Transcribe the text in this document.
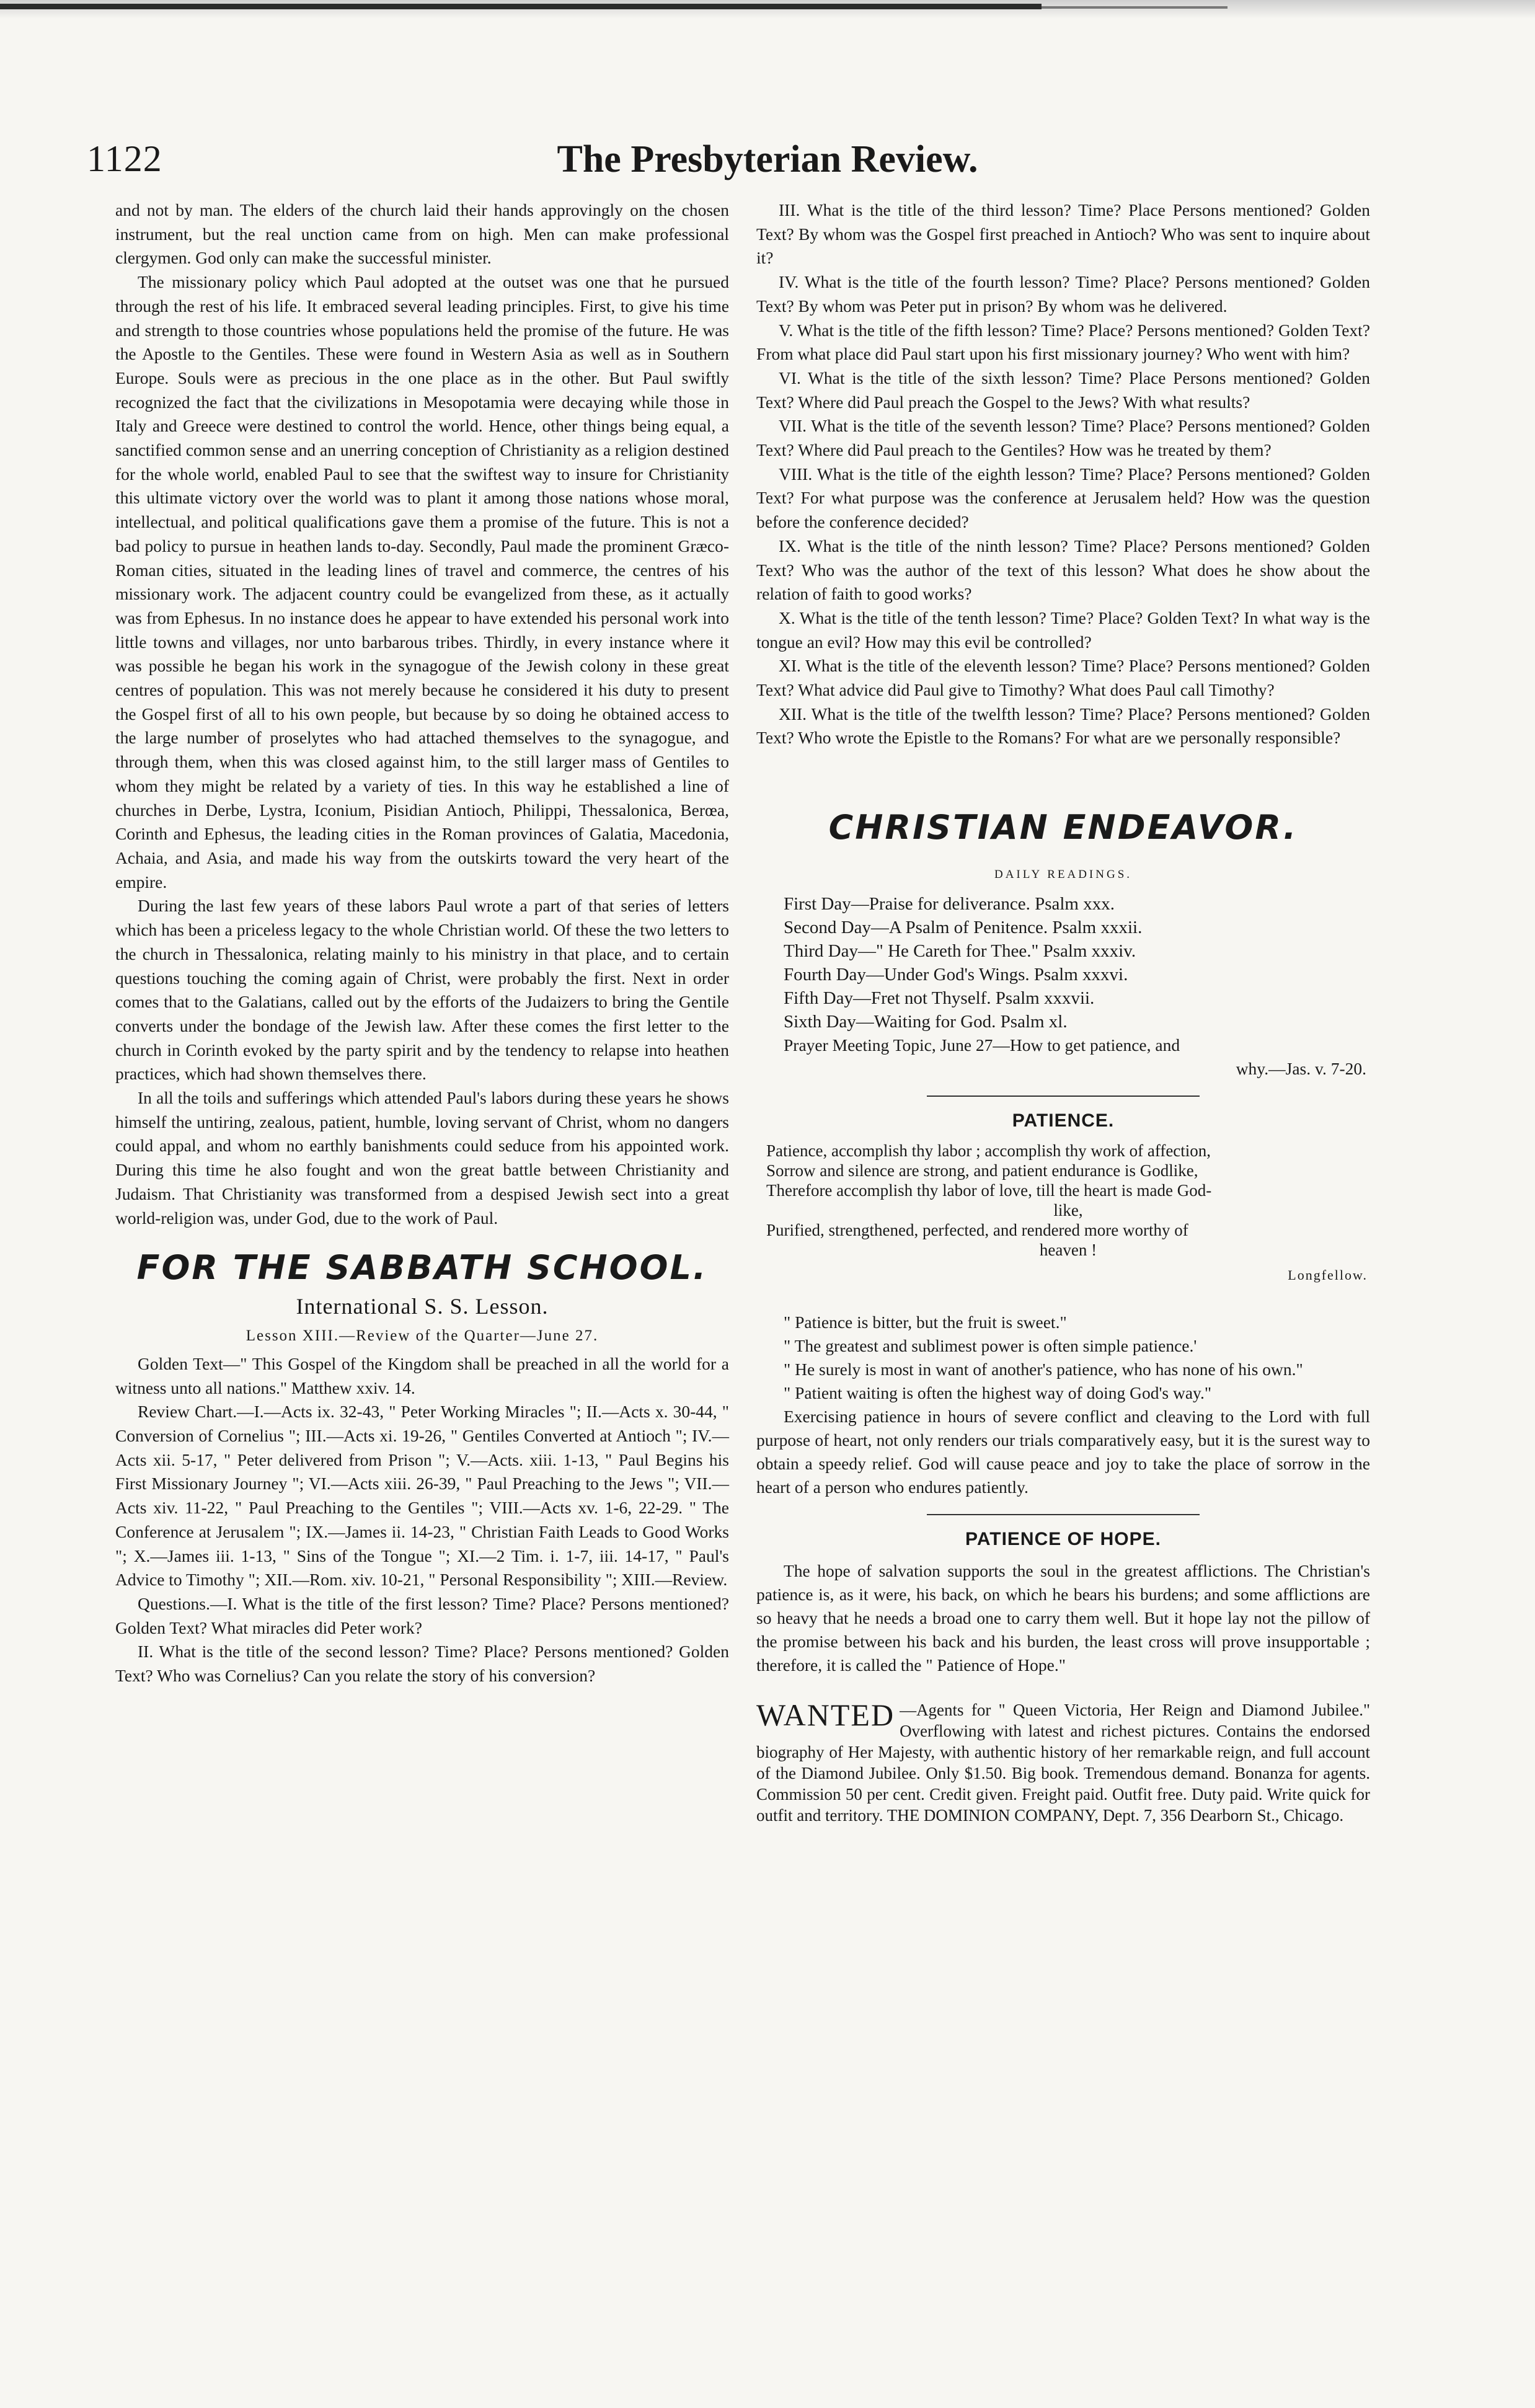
1122	The Presbyterian Review.

and not by man. The elders of the church laid their hands approvingly on the chosen instrument, but the real unction came from on high. Men can make professional clergymen. God only can make the successful minister.

The missionary policy which Paul adopted at the outset was one that he pursued through the rest of his life. It embraced several leading principles. First, to give his time and strength to those countries whose populations held the promise of the future. He was the Apostle to the Gentiles. These were found in Western Asia as well as in Southern Europe. Souls were as precious in the one place as in the other. But Paul swiftly recognized the fact that the civilizations in Mesopotamia were decaying while those in Italy and Greece were destined to control the world. Hence, other things being equal, a sanctified common sense and an unerring conception of Christianity as a religion destined for the whole world, enabled Paul to see that the swiftest way to insure for Christianity this ultimate victory over the world was to plant it among those nations whose moral, intellectual, and political qualifications gave them a promise of the future. This is not a bad policy to pursue in heathen lands to-day. Secondly, Paul made the prominent Græco-Roman cities, situated in the leading lines of travel and commerce, the centres of his missionary work. The adjacent country could be evangelized from these, as it actually was from Ephesus. In no instance does he appear to have extended his personal work into little towns and villages, nor unto barbarous tribes. Thirdly, in every instance where it was possible he began his work in the synagogue of the Jewish colony in these great centres of population. This was not merely because he considered it his duty to present the Gospel first of all to his own people, but because by so doing he obtained access to the large number of proselytes who had attached themselves to the synagogue, and through them, when this was closed against him, to the still larger mass of Gentiles to whom they might be related by a variety of ties. In this way he established a line of churches in Derbe, Lystra, Iconium, Pisidian Antioch, Philippi, Thessalonica, Berœa, Corinth and Ephesus, the leading cities in the Roman provinces of Galatia, Macedonia, Achaia, and Asia, and made his way from the outskirts toward the very heart of the empire.

During the last few years of these labors Paul wrote a part of that series of letters which has been a priceless legacy to the whole Christian world. Of these the two letters to the church in Thessalonica, relating mainly to his ministry in that place, and to certain questions touching the coming again of Christ, were probably the first. Next in order comes that to the Galatians, called out by the efforts of the Judaizers to bring the Gentile converts under the bondage of the Jewish law. After these comes the first letter to the church in Corinth evoked by the party spirit and by the tendency to relapse into heathen practices, which had shown themselves there.

In all the toils and sufferings which attended Paul's labors during these years he shows himself the untiring, zealous, patient, humble, loving servant of Christ, whom no dangers could appal, and whom no earthly banishments could seduce from his appointed work. During this time he also fought and won the great battle between Christianity and Judaism. That Christianity was transformed from a despised Jewish sect into a great world-religion was, under God, due to the work of Paul.

FOR THE SABBATH SCHOOL.
International S. S. Lesson.
Lesson XIII.—Review of the Quarter—June 27.

Golden Text—" This Gospel of the Kingdom shall be preached in all the world for a witness unto all nations." Matthew xxiv. 14.

Review Chart.—I.—Acts ix. 32-43, " Peter Working Miracles "; II.—Acts x. 30-44, " Conversion of Cornelius "; III.—Acts xi. 19-26, " Gentiles Converted at Antioch "; IV.—Acts xii. 5-17, " Peter delivered from Prison "; V.—Acts. xiii. 1-13, " Paul Begins his First Missionary Journey "; VI.—Acts xiii. 26-39, " Paul Preaching to the Jews "; VII.—Acts xiv. 11-22, " Paul Preaching to the Gentiles "; VIII.—Acts xv. 1-6, 22-29. " The Conference at Jerusalem "; IX.—James ii. 14-23, " Christian Faith Leads to Good Works "; X.—James iii. 1-13, " Sins of the Tongue "; XI.—2 Tim. i. 1-7, iii. 14-17, " Paul's Advice to Timothy "; XII.—Rom. xiv. 10-21, " Personal Responsibility "; XIII.—Review.

Questions.—I. What is the title of the first lesson? Time? Place? Persons mentioned? Golden Text? What miracles did Peter work?

II. What is the title of the second lesson? Time? Place? Persons mentioned? Golden Text? Who was Cornelius? Can you relate the story of his conversion?

III. What is the title of the third lesson? Time? Place Persons mentioned? Golden Text? By whom was the Gospel first preached in Antioch? Who was sent to inquire about it?

IV. What is the title of the fourth lesson? Time? Place? Persons mentioned? Golden Text? By whom was Peter put in prison? By whom was he delivered.

V. What is the title of the fifth lesson? Time? Place? Persons mentioned? Golden Text? From what place did Paul start upon his first missionary journey? Who went with him?

VI. What is the title of the sixth lesson? Time? Place Persons mentioned? Golden Text? Where did Paul preach the Gospel to the Jews? With what results?

VII. What is the title of the seventh lesson? Time? Place? Persons mentioned? Golden Text? Where did Paul preach to the Gentiles? How was he treated by them?

VIII. What is the title of the eighth lesson? Time? Place? Persons mentioned? Golden Text? For what purpose was the conference at Jerusalem held? How was the question before the conference decided?

IX. What is the title of the ninth lesson? Time? Place? Persons mentioned? Golden Text? Who was the author of the text of this lesson? What does he show about the relation of faith to good works?

X. What is the title of the tenth lesson? Time? Place? Golden Text? In what way is the tongue an evil? How may this evil be controlled?

XI. What is the title of the eleventh lesson? Time? Place? Persons mentioned? Golden Text? What advice did Paul give to Timothy? What does Paul call Timothy?

XII. What is the title of the twelfth lesson? Time? Place? Persons mentioned? Golden Text? Who wrote the Epistle to the Romans? For what are we personally responsible?

CHRISTIAN ENDEAVOR.
DAILY READINGS.
First Day—Praise for deliverance. Psalm xxx.
Second Day—A Psalm of Penitence. Psalm xxxii.
Third Day—" He Careth for Thee." Psalm xxxiv.
Fourth Day—Under God's Wings. Psalm xxxvi.
Fifth Day—Fret not Thyself. Psalm xxxvii.
Sixth Day—Waiting for God. Psalm xl.
Prayer Meeting Topic, June 27—How to get patience, and
why.—Jas. v. 7-20.
PATIENCE.
Patience, accomplish thy labor ; accomplish thy work of affection,
Sorrow and silence are strong, and patient endurance is Godlike,
Therefore accomplish thy labor of love, till the heart is made God-
like,
Purified, strengthened, perfected, and rendered more worthy of
heaven !
Longfellow.

" Patience is bitter, but the fruit is sweet."

" The greatest and sublimest power is often simple patience.'

" He surely is most in want of another's patience, who has none of his own."

" Patient waiting is often the highest way of doing God's way."

Exercising patience in hours of severe conflict and cleaving to the Lord with full purpose of heart, not only renders our trials comparatively easy, but it is the surest way to obtain a speedy relief. God will cause peace and joy to take the place of sorrow in the heart of a person who endures patiently.

PATIENCE OF HOPE.

The hope of salvation supports the soul in the greatest afflictions. The Christian's patience is, as it were, his back, on which he bears his burdens; and some afflictions are so heavy that he needs a broad one to carry them well. But it hope lay not the pillow of the promise between his back and his burden, the least cross will prove insupportable ; therefore, it is called the " Patience of Hope."

WANTED —Agents for " Queen Victoria, Her Reign and Diamond Jubilee." Overflowing with latest and richest pictures. Contains the endorsed biography of Her Majesty, with authentic history of her remarkable reign, and full account of the Diamond Jubilee. Only $1.50. Big book. Tremendous demand. Bonanza for agents. Commission 50 per cent. Credit given. Freight paid. Outfit free. Duty paid. Write quick for outfit and territory. THE DOMINION COMPANY, Dept. 7, 356 Dearborn St., Chicago.
